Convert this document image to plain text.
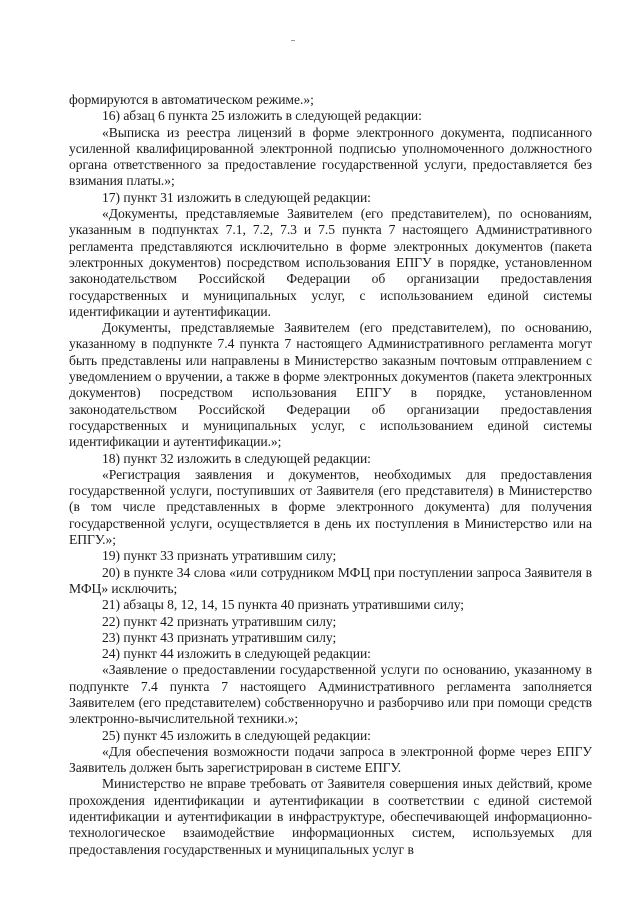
формируются в автоматическом режиме.»;

16) абзац 6 пункта 25 изложить в следующей редакции:

«Выписка из реестра лицензий в форме электронного документа, подписанного усиленной квалифицированной электронной подписью уполномоченного должностного органа ответственного за предоставление государственной услуги, предоставляется без взимания платы.»;

17) пункт 31 изложить в следующей редакции:

«Документы, представляемые Заявителем (его представителем), по основаниям, указанным в подпунктах 7.1, 7.2, 7.3 и 7.5 пункта 7 настоящего Административного регламента представляются исключительно в форме электронных документов (пакета электронных документов) посредством использования ЕПГУ в порядке, установленном законодательством Российской Федерации об организации предоставления государственных и муниципальных услуг, с использованием единой системы идентификации и аутентификации.

Документы, представляемые Заявителем (его представителем), по основанию, указанному в подпункте 7.4 пункта 7 настоящего Административного регламента могут быть представлены или направлены в Министерство заказным почтовым отправлением с уведомлением о вручении, а также в форме электронных документов (пакета электронных документов) посредством использования ЕПГУ в порядке, установленном законодательством Российской Федерации об организации предоставления государственных и муниципальных услуг, с использованием единой системы идентификации и аутентификации.»;

18) пункт 32 изложить в следующей редакции:

«Регистрация заявления и документов, необходимых для предоставления государственной услуги, поступивших от Заявителя (его представителя) в Министерство (в том числе представленных в форме электронного документа) для получения государственной услуги, осуществляется в день их поступления в Министерство или на ЕПГУ.»;

19) пункт 33 признать утратившим силу;

20) в пункте 34 слова «или сотрудником МФЦ при поступлении запроса Заявителя в МФЦ» исключить;

21) абзацы 8, 12, 14, 15 пункта 40 признать утратившими силу;

22) пункт 42 признать утратившим силу;

23) пункт 43 признать утратившим силу;

24) пункт 44 изложить в следующей редакции:

«Заявление о предоставлении государственной услуги по основанию, указанному в подпункте 7.4 пункта 7 настоящего Административного регламента заполняется Заявителем (его представителем) собственноручно и разборчиво или при помощи средств электронно-вычислительной техники.»;

25) пункт 45 изложить в следующей редакции:

«Для обеспечения возможности подачи запроса в электронной форме через ЕПГУ Заявитель должен быть зарегистрирован в системе ЕПГУ.

Министерство не вправе требовать от Заявителя совершения иных действий, кроме прохождения идентификации и аутентификации в соответствии с единой системой идентификации и аутентификации в инфраструктуре, обеспечивающей информационно-технологическое взаимодействие информационных систем, используемых для предоставления государственных и муниципальных услуг в
